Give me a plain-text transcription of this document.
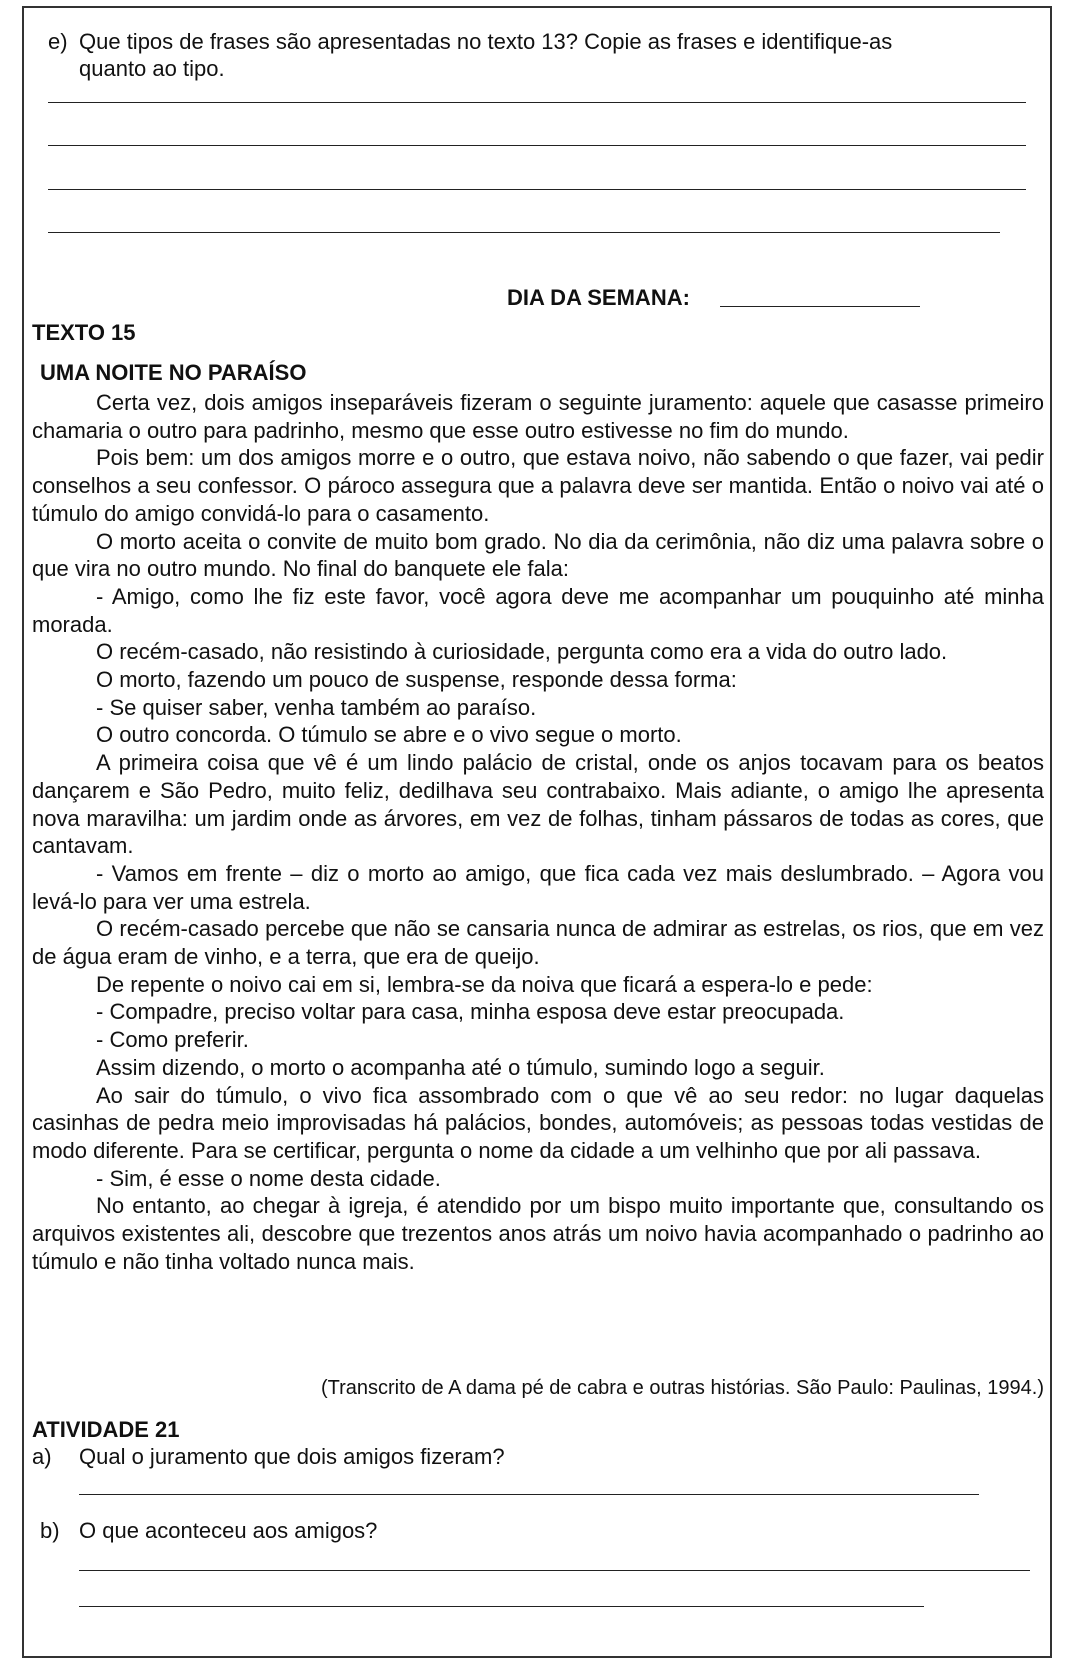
e) Que tipos de frases são apresentadas no texto 13? Copie as frases e identifique-as
quanto ao tipo.
DIA DA SEMANA:
TEXTO 15
UMA NOITE NO PARAÍSO

Certa vez, dois amigos inseparáveis fizeram o seguinte juramento: aquele que casasse primeiro chamaria o outro para padrinho, mesmo que esse outro estivesse no fim do mundo.

Pois bem: um dos amigos morre e o outro, que estava noivo, não sabendo o que fazer, vai pedir conselhos a seu confessor. O pároco assegura que a palavra deve ser mantida. Então o noivo vai até o túmulo do amigo convidá-lo para o casamento.

O morto aceita o convite de muito bom grado. No dia da cerimônia, não diz uma palavra sobre o que vira no outro mundo. No final do banquete ele fala:

- Amigo, como lhe fiz este favor, você agora deve me acompanhar um pouquinho até minha morada.

O recém-casado, não resistindo à curiosidade, pergunta como era a vida do outro lado.

O morto, fazendo um pouco de suspense, responde dessa forma:

- Se quiser saber, venha também ao paraíso.

O outro concorda. O túmulo se abre e o vivo segue o morto.

A primeira coisa que vê é um lindo palácio de cristal, onde os anjos tocavam para os beatos dançarem e São Pedro, muito feliz, dedilhava seu contrabaixo. Mais adiante, o amigo lhe apresenta nova maravilha: um jardim onde as árvores, em vez de folhas, tinham pássaros de todas as cores, que cantavam.

- Vamos em frente – diz o morto ao amigo, que fica cada vez mais deslumbrado. – Agora vou levá-lo para ver uma estrela.

O recém-casado percebe que não se cansaria nunca de admirar as estrelas, os rios, que em vez de água eram de vinho, e a terra, que era de queijo.

De repente o noivo cai em si, lembra-se da noiva que ficará a espera-lo e pede:

- Compadre, preciso voltar para casa, minha esposa deve estar preocupada.

- Como preferir.

Assim dizendo, o morto o acompanha até o túmulo, sumindo logo a seguir.

Ao sair do túmulo, o vivo fica assombrado com o que vê ao seu redor: no lugar daquelas casinhas de pedra meio improvisadas há palácios, bondes, automóveis; as pessoas todas vestidas de modo diferente. Para se certificar, pergunta o nome da cidade a um velhinho que por ali passava.

- Sim, é esse o nome desta cidade.

No entanto, ao chegar à igreja, é atendido por um bispo muito importante que, consultando os arquivos existentes ali, descobre que trezentos anos atrás um noivo havia acompanhado o padrinho ao túmulo e não tinha voltado nunca mais.

(Transcrito de A dama pé de cabra e outras histórias. São Paulo: Paulinas, 1994.)
ATIVIDADE 21
a) Qual o juramento que dois amigos fizeram?
b) O que aconteceu aos amigos?
